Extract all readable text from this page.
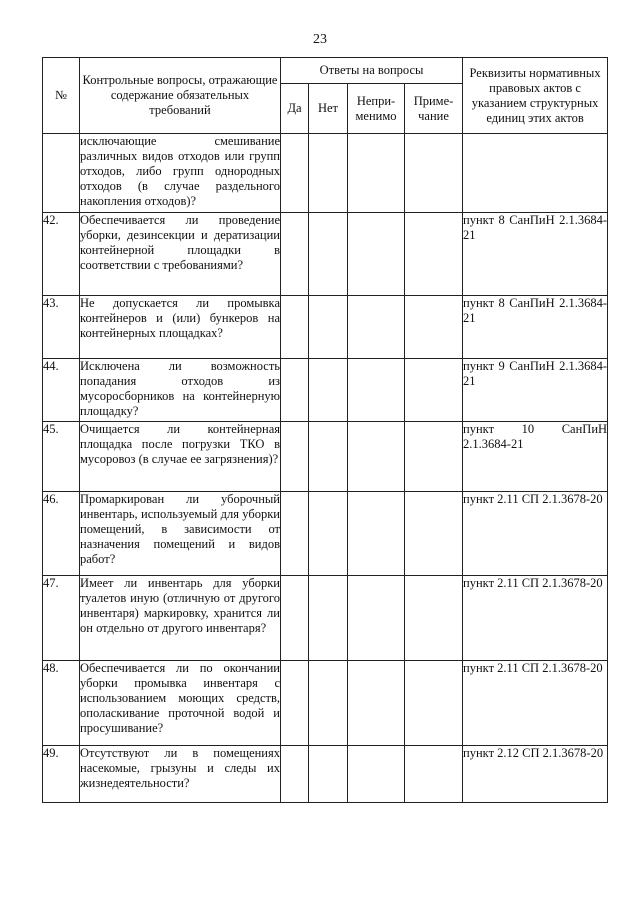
23
№	Контрольные вопросы, отражающие содержание обязательных требований	Ответы на вопросы				Реквизиты нормативных правовых актов с указанием структурных единиц этих актов
		Да	Нет	Непри-менимо	Приме-чание	
	исключающие смешивание различных видов отходов или групп отходов, либо групп однородных отходов (в случае раздельного накопления отходов)?					
42.	Обеспечивается ли проведение уборки, дезинсекции и дератизации контейнерной площадки в соответствии с требованиями?					пункт 8 СанПиН 2.1.3684-21
43.	Не допускается ли промывка контейнеров и (или) бункеров на контейнерных площадках?					пункт 8 СанПиН 2.1.3684-21
44.	Исключена ли возможность попадания отходов из мусоросборников на контейнерную площадку?					пункт 9 СанПиН 2.1.3684-21
45.	Очищается ли контейнерная площадка после погрузки ТКО в мусоровоз (в случае ее загрязнения)?					пункт 10 СанПиН 2.1.3684-21
46.	Промаркирован ли уборочный инвентарь, используемый для уборки помещений, в зависимости от назначения помещений и видов работ?					пункт 2.11 СП 2.1.3678-20
47.	Имеет ли инвентарь для уборки туалетов иную (отличную от другого инвентаря) маркировку, хранится ли он отдельно от другого инвентаря?					пункт 2.11 СП 2.1.3678-20
48.	Обеспечивается ли по окончании уборки промывка инвентаря с использованием моющих средств, ополаскивание проточной водой и просушивание?					пункт 2.11 СП 2.1.3678-20
49.	Отсутствуют ли в помещениях насекомые, грызуны и следы их жизнедеятельности?					пункт 2.12 СП 2.1.3678-20
